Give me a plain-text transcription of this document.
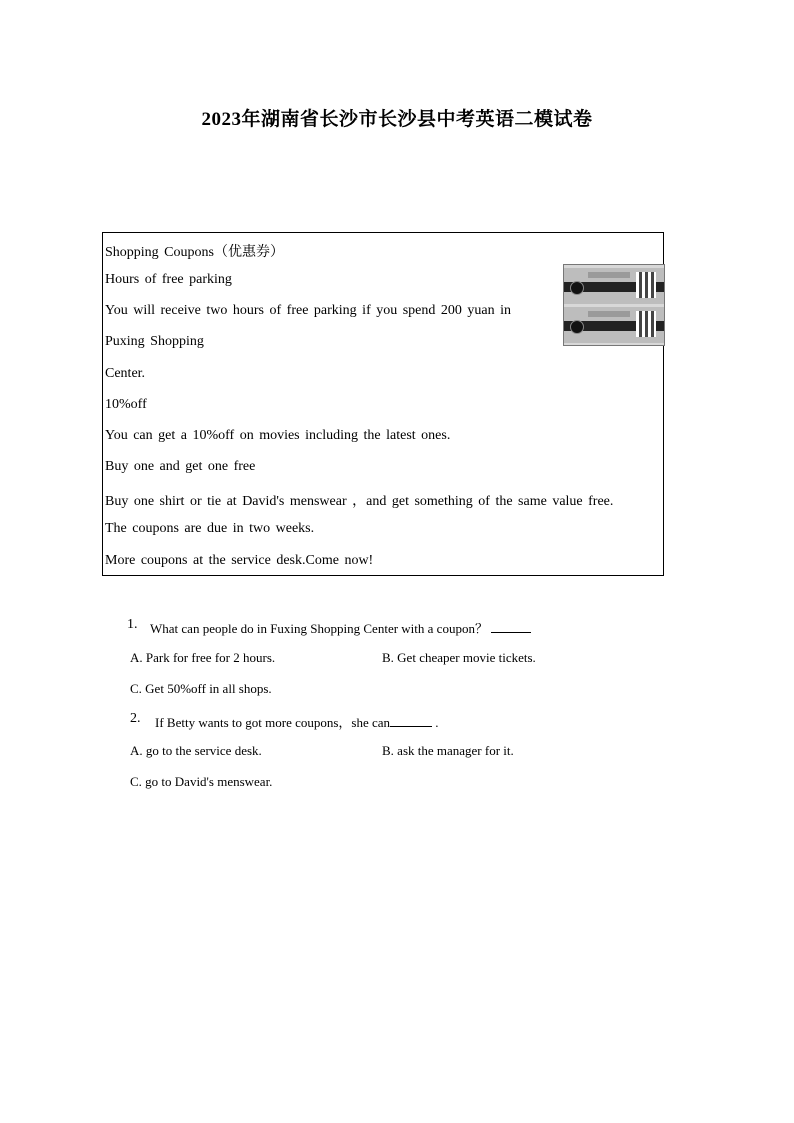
2023年湖南省长沙市长沙县中考英语二模试卷
Shopping Coupons（优惠券）
Hours of free parking
You will receive two hours of free parking if you spend 200 yuan in
Puxing Shopping
Center.
10%off
You can get a 10%off on movies including the latest ones.
Buy one and get one free
Buy one shirt or tie at David's menswear ，and get something of the same value free.
The coupons are due in two weeks.
More coupons at the service desk.Come now!
1. What can people do in Fuxing Shopping Center with a coupon？
A. Park for free for 2 hours.	B. Get cheaper movie tickets.
C. Get 50%off in all shops.
2. If Betty wants to got more coupons，she can	.
A. go to the service desk.	B. ask the manager for it.
C. go to David's menswear.
